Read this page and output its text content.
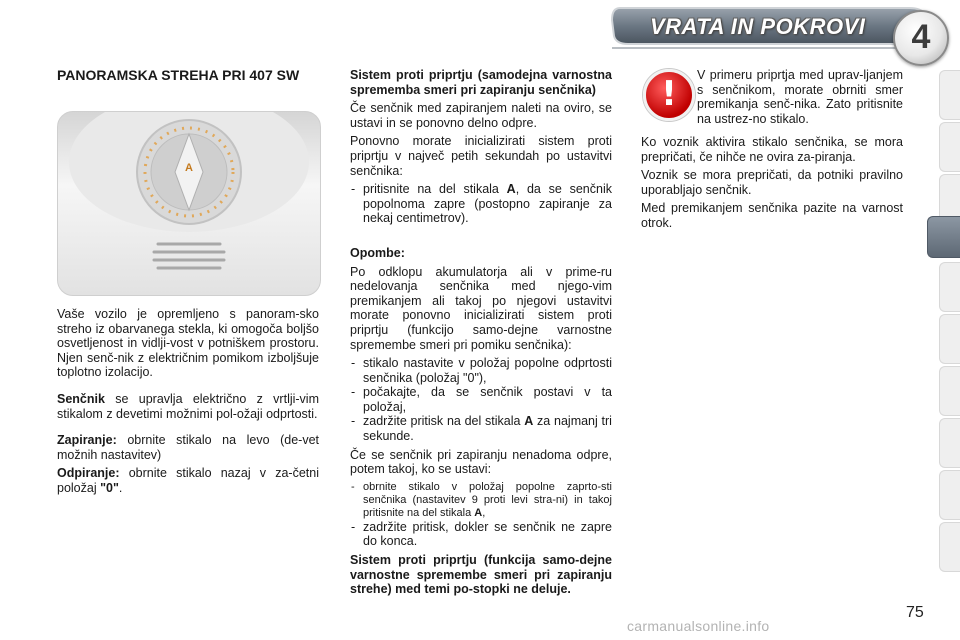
VRATA IN POKROVI	4

PANORAMSKA STREHA PRI 407 SW

A

Vaše vozilo je opremljeno s panoram-sko streho iz obarvanega stekla, ki omogoča boljšo osvetljenost in vidlji-vost v potniškem prostoru. Njen senč-nik z električnim pomikom izboljšuje toplotno izolacijo.

Senčnik se upravlja električno z vrtlji-vim stikalom z devetimi možnimi pol-ožaji odprtosti.

Zapiranje: obrnite stikalo na levo (de-vet možnih nastavitev)

Odpiranje: obrnite stikalo nazaj v za-četni položaj "0".

Sistem proti priprtju (samodejna varnostna sprememba smeri pri zapiranju senčnika)

Če senčnik med zapiranjem naleti na oviro, se ustavi in se ponovno delno odpre.

Ponovno morate inicializirati sistem proti priprtju v največ petih sekundah po ustavitvi senčnika:

- pritisnite na del stikala A, da se senčnik popolnoma zapre (postopno zapiranje za nekaj centimetrov).

Opombe:

Po odklopu akumulatorja ali v prime-ru nedelovanja senčnika med njego-vim premikanjem ali takoj po njegovi ustavitvi morate ponovno inicializirati sistem proti priprtju (funkcijo samo-dejne varnostne spremembe smeri pri pomiku senčnika):

- stikalo nastavite v položaj popolne odprtosti senčnika (položaj "0"),
- počakajte, da se senčnik postavi v ta položaj,
- zadržite pritisk na del stikala A za najmanj tri sekunde.

Če se senčnik pri zapiranju nenadoma odpre, potem takoj, ko se ustavi:

- obrnite stikalo v položaj popolne zaprto-sti senčnika (nastavitev 9 proti levi stra-ni) in takoj pritisnite na del stikala A,
- zadržite pritisk, dokler se senčnik ne zapre do konca.

Sistem proti priprtju (funkcija samo-dejne varnostne spremembe smeri pri zapiranju strehe) med temi po-stopki ne deluje.

!	V primeru priprtja med uprav-ljanjem s senčnikom, morate obrniti smer premikanja senč-nika. Zato pritisnite na ustrez-no stikalo.

Ko voznik aktivira stikalo senčnika, se mora prepričati, če nihče ne ovira za-piranja.

Voznik se mora prepričati, da potniki pravilno uporabljajo senčnik.

Med premikanjem senčnika pazite na varnost otrok.

75
carmanualsonline.info
